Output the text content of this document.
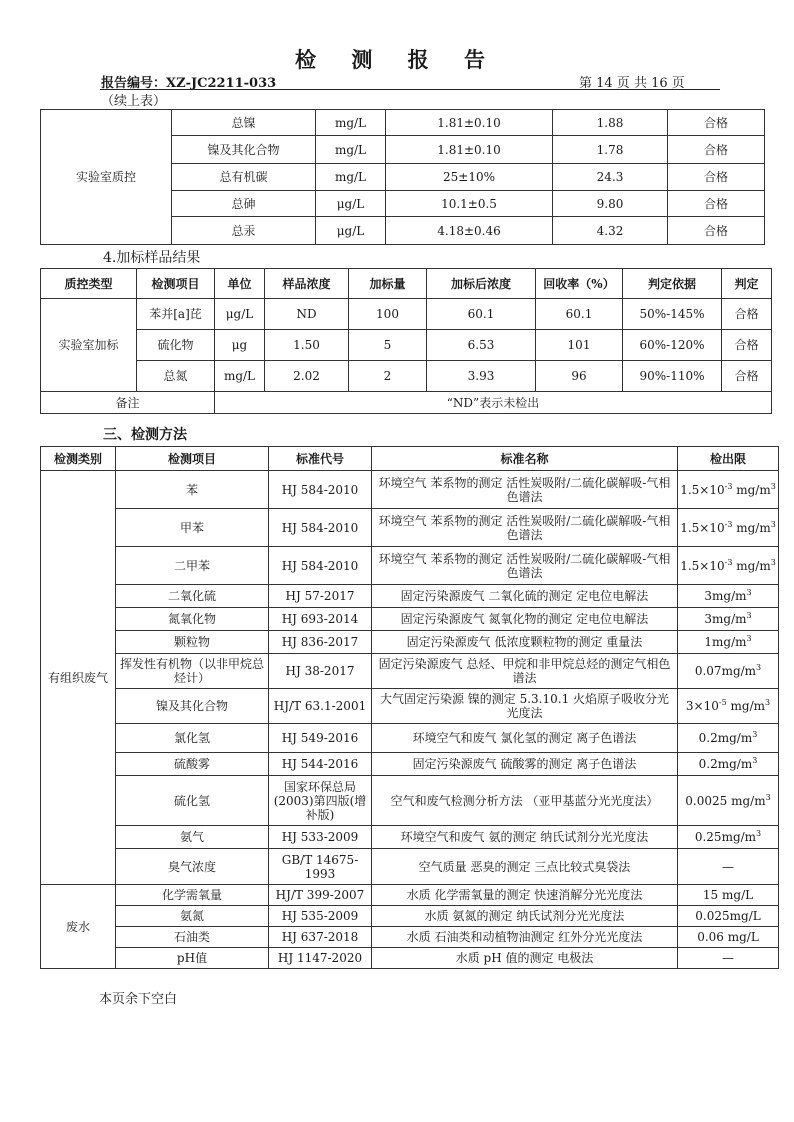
检 测 报 告
报告编号：XZ-JC2211-033	第 14 页 共 16 页
（续上表）
实验室质控	总镍	mg/L	1.81±0.10	1.88	合格
	镍及其化合物	mg/L	1.81±0.10	1.78	合格
	总有机碳	mg/L	25±10%	24.3	合格
	总砷	μg/L	10.1±0.5	9.80	合格
	总汞	μg/L	4.18±0.46	4.32	合格
4.加标样品结果
质控类型	检测项目	单位	样品浓度	加标量	加标后浓度	回收率（%）	判定依据	判定
实验室加标	苯并[a]芘	μg/L	ND	100	60.1	60.1	50%-145%	合格
	硫化物	μg	1.50	5	6.53	101	60%-120%	合格
	总氮	mg/L	2.02	2	3.93	96	90%-110%	合格
备注		“ND”表示未检出						
三、检测方法
检测类别	检测项目	标准代号	标准名称	检出限
有组织废气	苯	HJ 584-2010	环境空气 苯系物的测定 活性炭吸附/二硫化碳解吸-气相色谱法	$1.5\times 10^{-3}$ $mg/m^3$
	甲苯	HJ 584-2010	环境空气 苯系物的测定 活性炭吸附/二硫化碳解吸-气相色谱法	$1.5\times 10^{-3}$ $mg/m^3$
	二甲苯	HJ 584-2010	环境空气 苯系物的测定 活性炭吸附/二硫化碳解吸-气相色谱法	$1.5\times 10^{-3}$ $mg/m^3$
	二氧化硫	HJ 57-2017	固定污染源废气 二氧化硫的测定 定电位电解法	$3mg/m^3$
	氮氧化物	HJ 693-2014	固定污染源废气 氮氧化物的测定 定电位电解法	$3mg/m^3$
	颗粒物	HJ 836-2017	固定污染源废气 低浓度颗粒物的测定 重量法	$1mg/m^3$
	挥发性有机物（以非甲烷总烃计）	HJ 38-2017	固定污染源废气 总烃、甲烷和非甲烷总烃的测定气相色谱法	$0.07mg/m^3$
	镍及其化合物	HJ/T 63.1-2001	大气固定污染源 镍的测定 5.3.10.1 火焰原子吸收分光光度法	$3\times 10^{-5}$ $mg/m^3$
	氯化氢	HJ 549-2016	环境空气和废气 氯化氢的测定 离子色谱法	$0.2mg/m^3$
	硫酸雾	HJ 544-2016	固定污染源废气 硫酸雾的测定 离子色谱法	$0.2mg/m^3$
	硫化氢	国家环保总局(2003)第四版(增补版)	空气和废气检测分析方法 （亚甲基蓝分光光度法）	0.0025 $mg/m^3$
	氨气	HJ 533-2009	环境空气和废气 氨的测定 纳氏试剂分光光度法	$0.25mg/m^3$
	臭气浓度	GB/T 14675-1993	空气质量 恶臭的测定 三点比较式臭袋法	—
废水	化学需氧量	HJ/T 399-2007	水质 化学需氧量的测定 快速消解分光光度法	15 mg/L
	氨氮	HJ 535-2009	水质 氨氮的测定 纳氏试剂分光光度法	0.025mg/L
	石油类	HJ 637-2018	水质 石油类和动植物油测定 红外分光光度法	0.06 mg/L
	pH值	HJ 1147-2020	水质 pH 值的测定 电极法	—
本页余下空白
